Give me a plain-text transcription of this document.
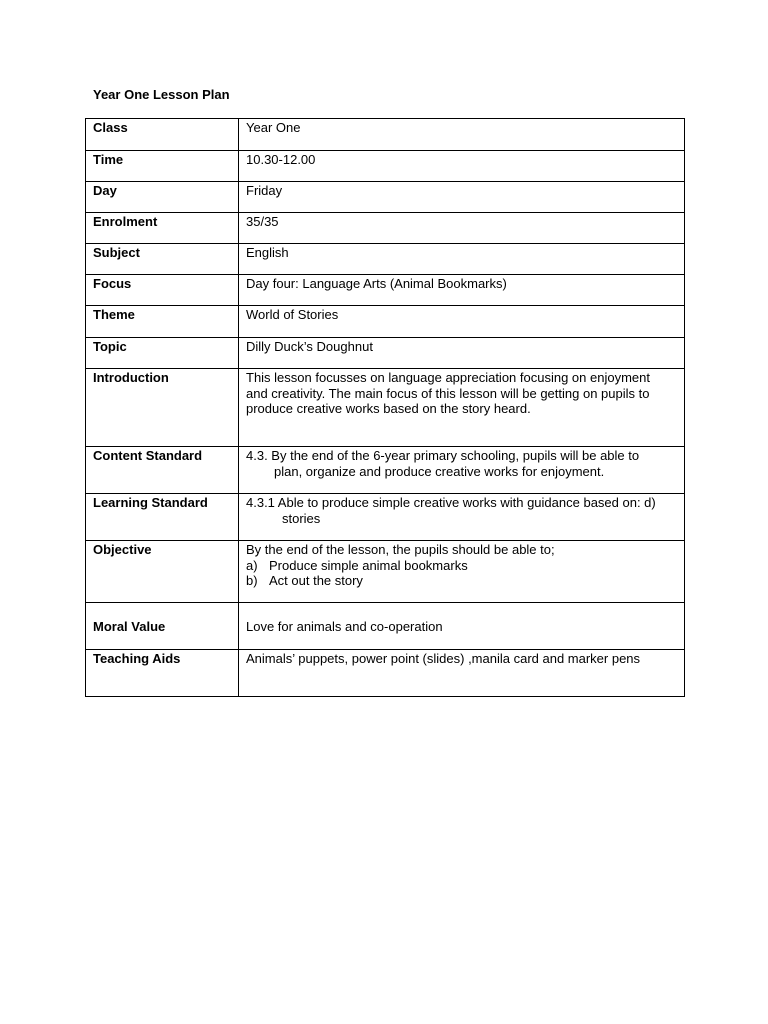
Year One Lesson Plan
Class	Year One
Time	10.30-12.00
Day	Friday
Enrolment	35/35
Subject	English
Focus	Day four: Language Arts (Animal Bookmarks)
Theme	World of Stories
Topic	Dilly Duck’s Doughnut
Introduction	This lesson focusses on language appreciation focusing on enjoyment and creativity. The main focus of this lesson will be getting on pupils to produce creative works based on the story heard.
Content Standard	4.3. By the end of the 6-year primary schooling, pupils will be able to plan, organize and produce creative works for enjoyment.

Learning Standard	4.3.1 Able to produce simple creative works with guidance based on: d) stories

Objective	By the end of the lesson, the pupils should be able to;
a) Produce simple animal bookmarks
b) Act out the story

Moral Value	Love for animals and co-operation
Teaching Aids	Animals’ puppets, power point (slides) ,manila card and marker pens
